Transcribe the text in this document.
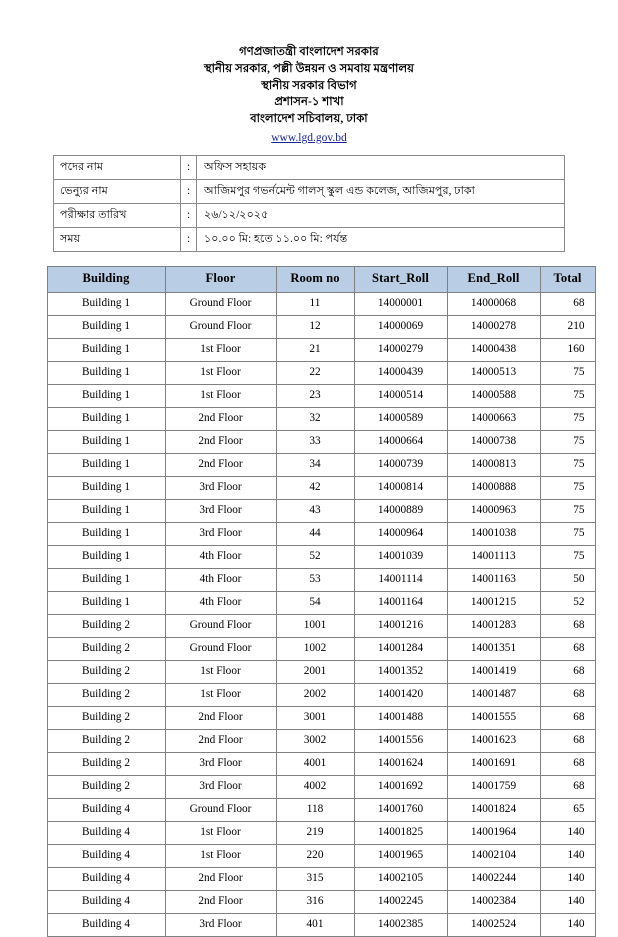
গণপ্রজাতন্ত্রী বাংলাদেশ সরকার
স্থানীয় সরকার, পল্লী উন্নয়ন ও সমবায় মন্ত্রণালয়
স্থানীয় সরকার বিভাগ
প্রশাসন-১ শাখা
বাংলাদেশ সচিবালয়, ঢাকা
www.lgd.gov.bd
পদের নাম	:	অফিস সহায়ক
ভেন্যুর নাম	:	আজিমপুর গভর্নমেন্ট গালস্ স্কুল এন্ড কলেজ, আজিমপুর, ঢাকা
পরীক্ষার তারিখ	:	২৬/১২/২০২৫
সময়	:	১০.০০ মি: হতে ১১.০০ মি: পর্যন্ত
Building	Floor	Room no	Start_Roll	End_Roll	Total
Building 1	Ground Floor	11	14000001	14000068	68
Building 1	Ground Floor	12	14000069	14000278	210
Building 1	1st Floor	21	14000279	14000438	160
Building 1	1st Floor	22	14000439	14000513	75
Building 1	1st Floor	23	14000514	14000588	75
Building 1	2nd Floor	32	14000589	14000663	75
Building 1	2nd Floor	33	14000664	14000738	75
Building 1	2nd Floor	34	14000739	14000813	75
Building 1	3rd Floor	42	14000814	14000888	75
Building 1	3rd Floor	43	14000889	14000963	75
Building 1	3rd Floor	44	14000964	14001038	75
Building 1	4th Floor	52	14001039	14001113	75
Building 1	4th Floor	53	14001114	14001163	50
Building 1	4th Floor	54	14001164	14001215	52
Building 2	Ground Floor	1001	14001216	14001283	68
Building 2	Ground Floor	1002	14001284	14001351	68
Building 2	1st Floor	2001	14001352	14001419	68
Building 2	1st Floor	2002	14001420	14001487	68
Building 2	2nd Floor	3001	14001488	14001555	68
Building 2	2nd Floor	3002	14001556	14001623	68
Building 2	3rd Floor	4001	14001624	14001691	68
Building 2	3rd Floor	4002	14001692	14001759	68
Building 4	Ground Floor	118	14001760	14001824	65
Building 4	1st Floor	219	14001825	14001964	140
Building 4	1st Floor	220	14001965	14002104	140
Building 4	2nd Floor	315	14002105	14002244	140
Building 4	2nd Floor	316	14002245	14002384	140
Building 4	3rd Floor	401	14002385	14002524	140
